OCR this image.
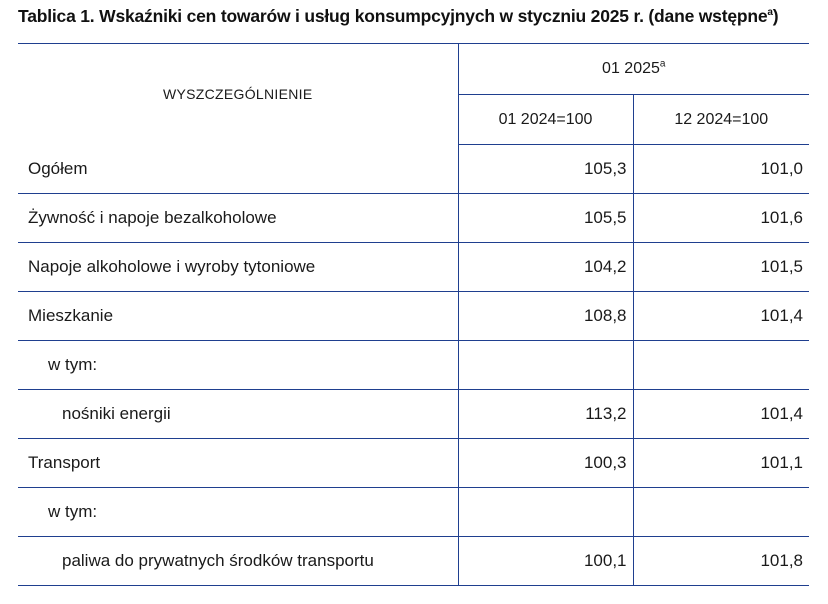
Tablica 1. Wskaźniki cen towarów i usług konsumpcyjnych w styczniu 2025 r. (dane wstępne$^a$)
WYSZCZEGÓLNIENIE	01 2025$^a$
	01 2024=100	12 2024=100
Ogółem	105,3	101,0
Żywność i napoje bezalkoholowe	105,5	101,6
Napoje alkoholowe i wyroby tytoniowe	104,2	101,5
Mieszkanie	108,8	101,4
w tym:		
nośniki energii	113,2	101,4
Transport	100,3	101,1
w tym:		
paliwa do prywatnych środków transportu	100,1	101,8
